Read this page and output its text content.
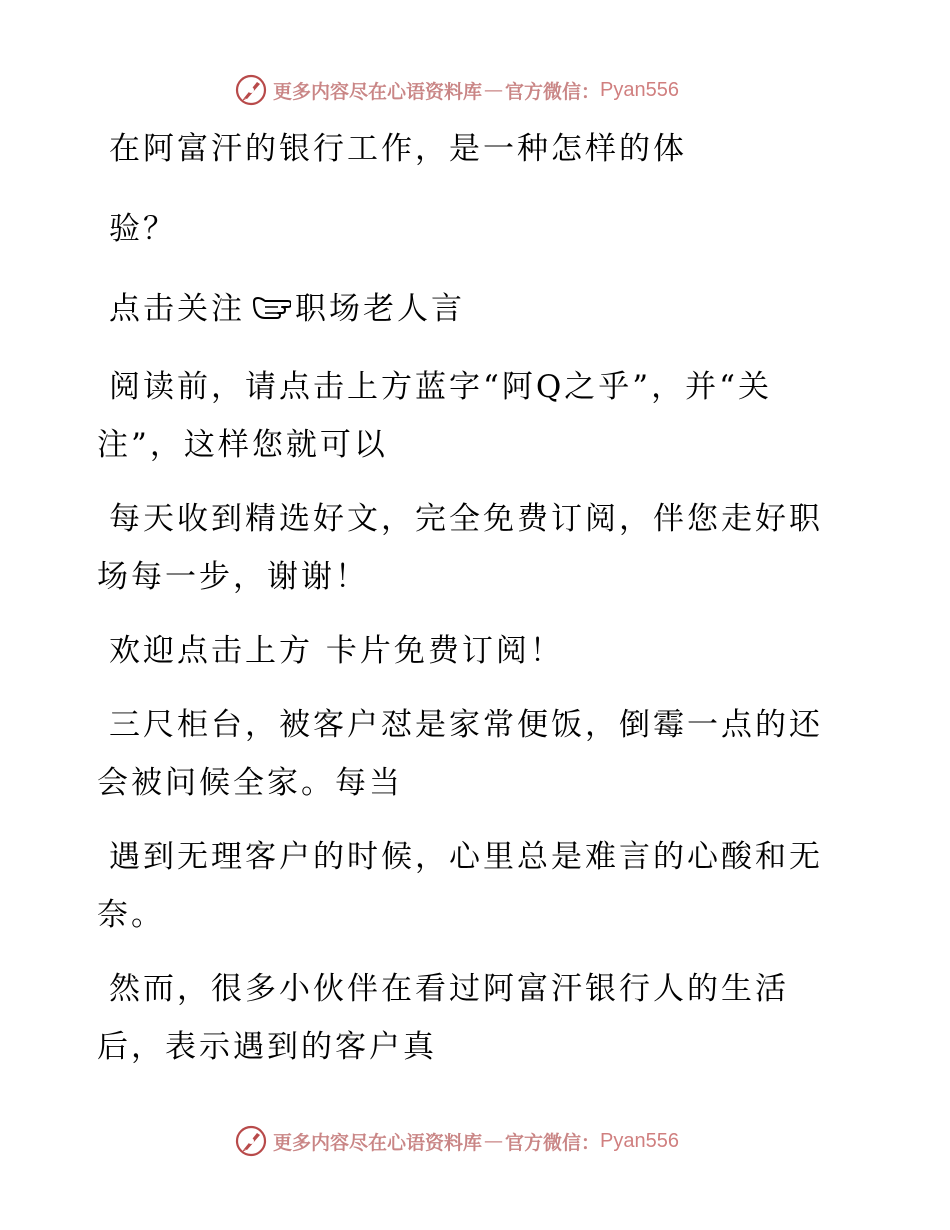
更多内容尽在心语资料库 — 官方微信： Pyan556

在阿富汗的银行工作，是一种怎样的体

验？

点击关注 职场老人言

阅读前，请点击上方蓝字“阿Q之乎”，并“关
注”，这样您就可以

每天收到精选好文，完全免费订阅，伴您走好职
场每一步，谢谢！

欢迎点击上方 卡片免费订阅！

三尺柜台，被客户怼是家常便饭，倒霉一点的还
会被问候全家。每当

遇到无理客户的时候，心里总是难言的心酸和无
奈。

然而，很多小伙伴在看过阿富汗银行人的生活
后，表示遇到的客户真

更多内容尽在心语资料库 — 官方微信： Pyan556
